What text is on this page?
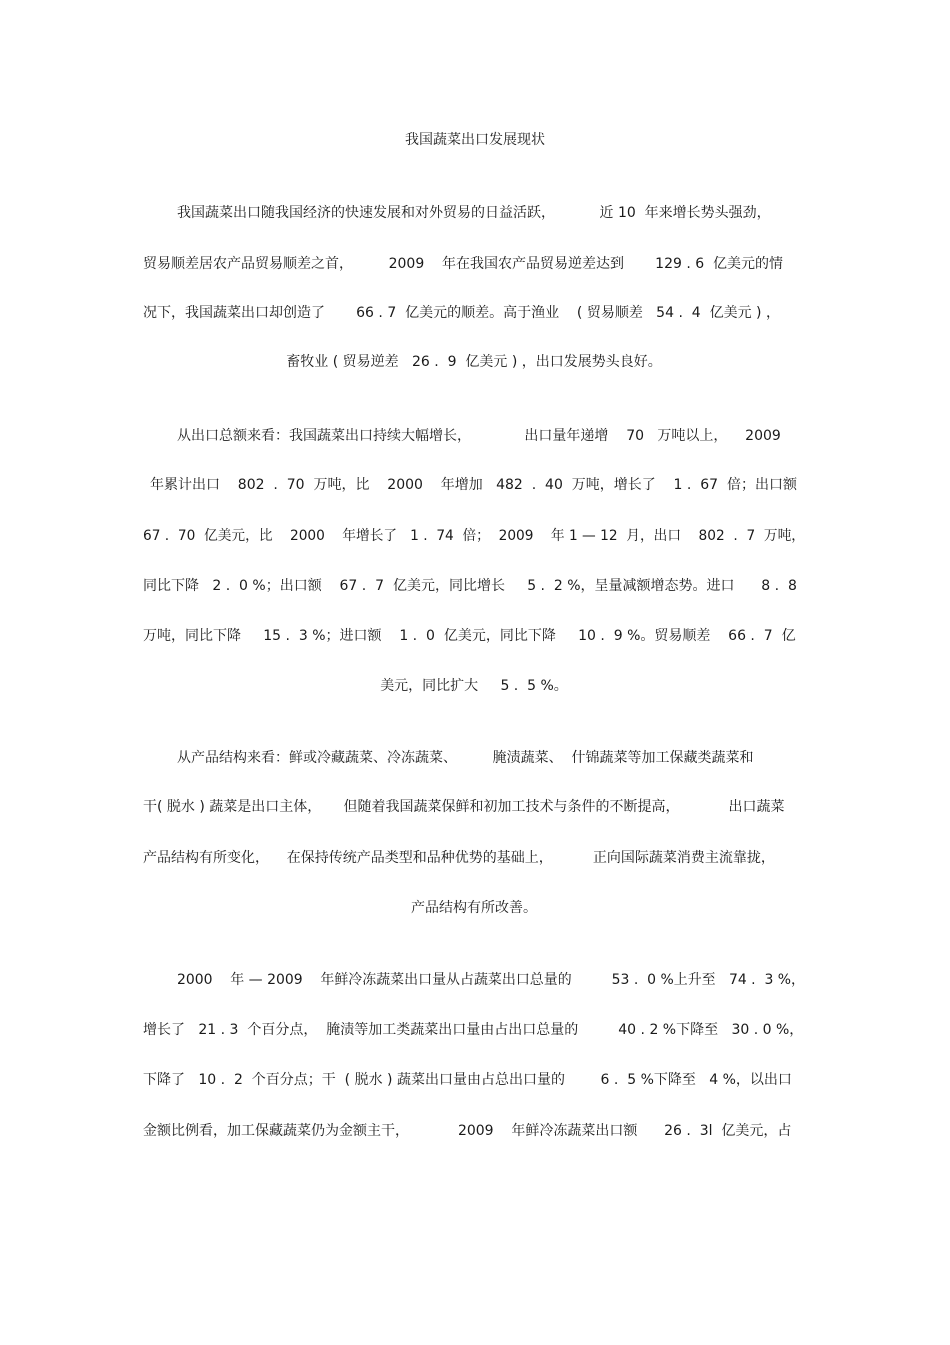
我国蔬菜出口发展现状
我国蔬菜出口随我国经济的快速发展和对外贸易的日益活跃，          近 10  年来增长势头强劲，
贸易顺差居农产品贸易顺差之首，        2009    年在我国农产品贸易逆差达到       129 . 6  亿美元的情
况下，我国蔬菜出口却创造了       66 . 7  亿美元的顺差。高于渔业    ( 贸易顺差   54 .  4  亿美元 ) ，
畜牧业 ( 贸易逆差   26 .  9  亿美元 ) ，出口发展势头良好。
从出口总额来看：我国蔬菜出口持续大幅增长，            出口量年递增    70   万吨以上，    2009
年累计出口    802  .  70  万吨，比    2000    年增加   482  .  40  万吨，增长了    1 .  67  倍；出口额
67 .  70  亿美元，比    2000    年增长了   1 .  74  倍；  2009    年 1 — 12  月，出口    802  .  7  万吨，
同比下降   2 .  0 %；出口额    67 .  7  亿美元，同比增长     5 .  2 %，呈量减额增态势。进口      8 .  8
万吨，同比下降     15 .  3 %；进口额    1 .  0  亿美元，同比下降     10 .  9 %。贸易顺差    66 .  7  亿
美元，同比扩大     5 .  5 %。
从产品结构来看：鲜或冷藏蔬菜、冷冻蔬菜、        腌渍蔬菜、  什锦蔬菜等加工保藏类蔬菜和
干( 脱水 ) 蔬菜是出口主体，     但随着我国蔬菜保鲜和初加工技术与条件的不断提高，           出口蔬菜
产品结构有所变化，    在保持传统产品类型和品种优势的基础上，         正向国际蔬菜消费主流靠拢，
产品结构有所改善。
2000    年 — 2009    年鲜冷冻蔬菜出口量从占蔬菜出口总量的         53 .  0 %上升至   74 .  3 %，
增长了   21 . 3  个百分点，  腌渍等加工类蔬菜出口量由占出口总量的         40 . 2 %下降至   30 . 0 %，
下降了   10 .  2  个百分点；干  ( 脱水 ) 蔬菜出口量由占总出口量的        6 .  5 %下降至   4 %，以出口
金额比例看，加工保藏蔬菜仍为金额主干，           2009    年鲜冷冻蔬菜出口额      26 .  3l  亿美元，占
